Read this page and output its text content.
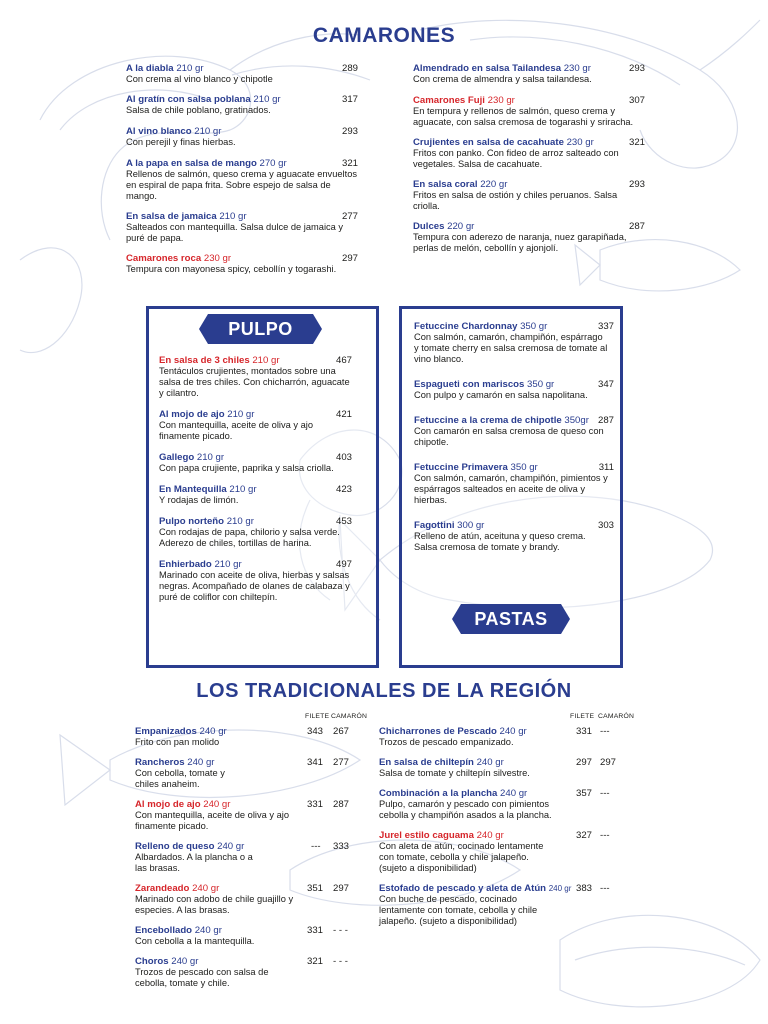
CAMARONES
A la diabla 210 gr	289
Con crema al vino blanco y chipotle
Al gratín con salsa poblana 210 gr	317
Salsa de chile poblano, gratinados.
Al vino blanco 210 gr	293
Con perejil y finas hierbas.
A la papa en salsa de mango 270 gr	321
Rellenos de salmón, queso crema y aguacate envueltos en espiral de papa frita. Sobre espejo de salsa de mango.
En salsa de jamaica 210 gr	277
Salteados con mantequilla. Salsa dulce de jamaica y puré de papa.
Camarones roca 230 gr	297
Tempura con mayonesa spicy, cebollín y togarashi.
Almendrado en salsa Tailandesa 230 gr	293
Con crema de almendra y salsa tailandesa.
Camarones Fuji 230 gr	307
En tempura y rellenos de salmón, queso crema y aguacate, con salsa cremosa de togarashi y sriracha.
Crujientes en salsa de cacahuate 230 gr	321
Fritos con panko. Con fideo de arroz salteado con vegetales. Salsa de cacahuate.
En salsa coral 220 gr	293
Fritos en salsa de ostión y chiles peruanos. Salsa criolla.
Dulces 220 gr	287
Tempura con aderezo de naranja, nuez garapiñada, perlas de melón, cebollín y ajonjolí.
PULPO
En salsa de 3 chiles 210 gr	467
Tentáculos crujientes, montados sobre una salsa de tres chiles. Con chicharrón, aguacate y cilantro.
Al mojo de ajo 210 gr	421
Con mantequilla, aceite de oliva y ajo finamente picado.
Gallego 210 gr	403
Con papa crujiente, paprika y salsa criolla.
En Mantequilla 210 gr	423
Y rodajas de limón.
Pulpo norteño 210 gr	453
Con rodajas de papa, chilorio y salsa verde. Aderezo de chiles, tortillas de harina.
Enhierbado 210 gr	497
Marinado con aceite de oliva, hierbas y salsas negras. Acompañado de olanes de calabaza y puré de coliflor con chiltepín.
PASTAS
Fetuccine Chardonnay 350 gr	337
Con salmón, camarón, champiñón, espárrago y tomate cherry en salsa cremosa de tomate al vino blanco.
Espagueti con mariscos 350 gr	347
Con pulpo y camarón en salsa napolitana.
Fetuccine a la crema de chipotle 350gr 287
Con camarón en salsa cremosa de queso con chipotle.
Fetuccine Primavera 350 gr	311
Con salmón, camarón, champiñón, pimientos y espárragos salteados en aceite de oliva y hierbas.
Fagottini 300 gr	303
Relleno de atún, aceituna y queso crema. Salsa cremosa de tomate y brandy.
LOS TRADICIONALES DE LA REGIÓN
FILETE CAMARÓN	FILETE CAMARÓN
Empanizados 240 gr	343 267
Frito con pan molido
Rancheros 240 gr	341 277
Con cebolla, tomate y chiles anaheim.
Al mojo de ajo 240 gr	331 287
Con mantequilla, aceite de oliva y ajo finamente picado.
Relleno de queso 240 gr	--- 333
Albardados. A la plancha o a las brasas.
Zarandeado 240 gr	351 297
Marinado con adobo de chile guajillo y especies. A las brasas.
Encebollado 240 gr	331 - - -
Con cebolla a la mantequilla.
Choros 240 gr	321 - - -
Trozos de pescado con salsa de cebolla, tomate y chile.
Chicharrones de Pescado 240 gr	331 ---
Trozos de pescado empanizado.
En salsa de chiltepín 240 gr	297 297
Salsa de tomate y chiltepín silvestre.
Combinación a la plancha 240 gr	357 ---
Pulpo, camarón y pescado con pimientos cebolla y champiñón asados a la plancha.
Jurel estilo caguama 240 gr	327 ---
Con aleta de atún, cocinado lentamente con tomate, cebolla y chile jalapeño. (sujeto a disponibilidad)
Estofado de pescado y aleta de Atún 240 gr 383 ---
Con buche de pescado, cocinado lentamente con tomate, cebolla y chile jalapeño. (sujeto a disponibilidad)
